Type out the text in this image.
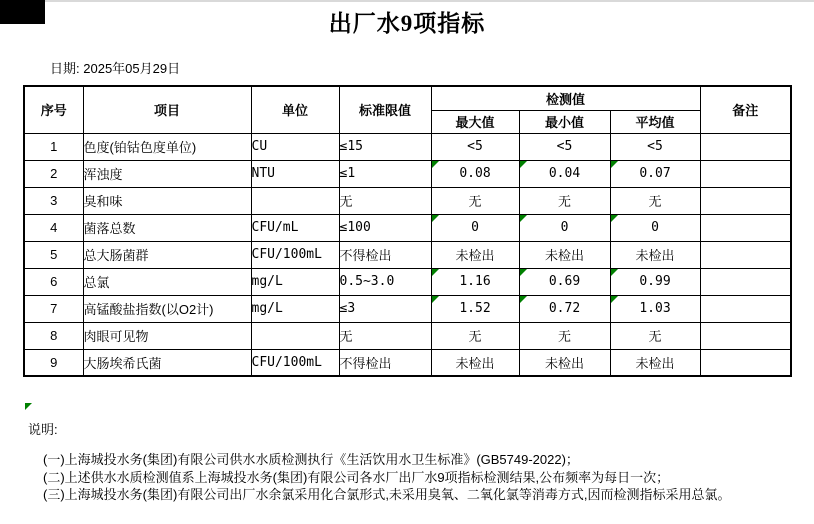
出厂水9项指标
日期: 2025年05月29日
序号	项目	单位	标准限值	检测值			备注
				最大值	最小值	平均值	
1	色度(铂钴色度单位)	CU	≤15	<5	<5	<5	
2	浑浊度	NTU	≤1	0.08	0.04	0.07	
3	臭和味		无	无	无	无	
4	菌落总数	CFU/mL	≤100	0	0	0	
5	总大肠菌群	CFU/100mL	不得检出	未检出	未检出	未检出	
6	总氯	mg/L	0.5~3.0	1.16	0.69	0.99	
7	高锰酸盐指数(以O2计)	mg/L	≤3	1.52	0.72	1.03	
8	肉眼可见物		无	无	无	无	
9	大肠埃希氏菌	CFU/100mL	不得检出	未检出	未检出	未检出	
说明:
(一)上海城投水务(集团)有限公司供水水质检测执行《生活饮用水卫生标准》(GB5749-2022)；
(二)上述供水水质检测值系上海城投水务(集团)有限公司各水厂出厂水9项指标检测结果,公布频率为每日一次；
(三)上海城投水务(集团)有限公司出厂水余氯采用化合氯形式,未采用臭氧、二氧化氯等消毒方式,因而检测指标采用总氯。
